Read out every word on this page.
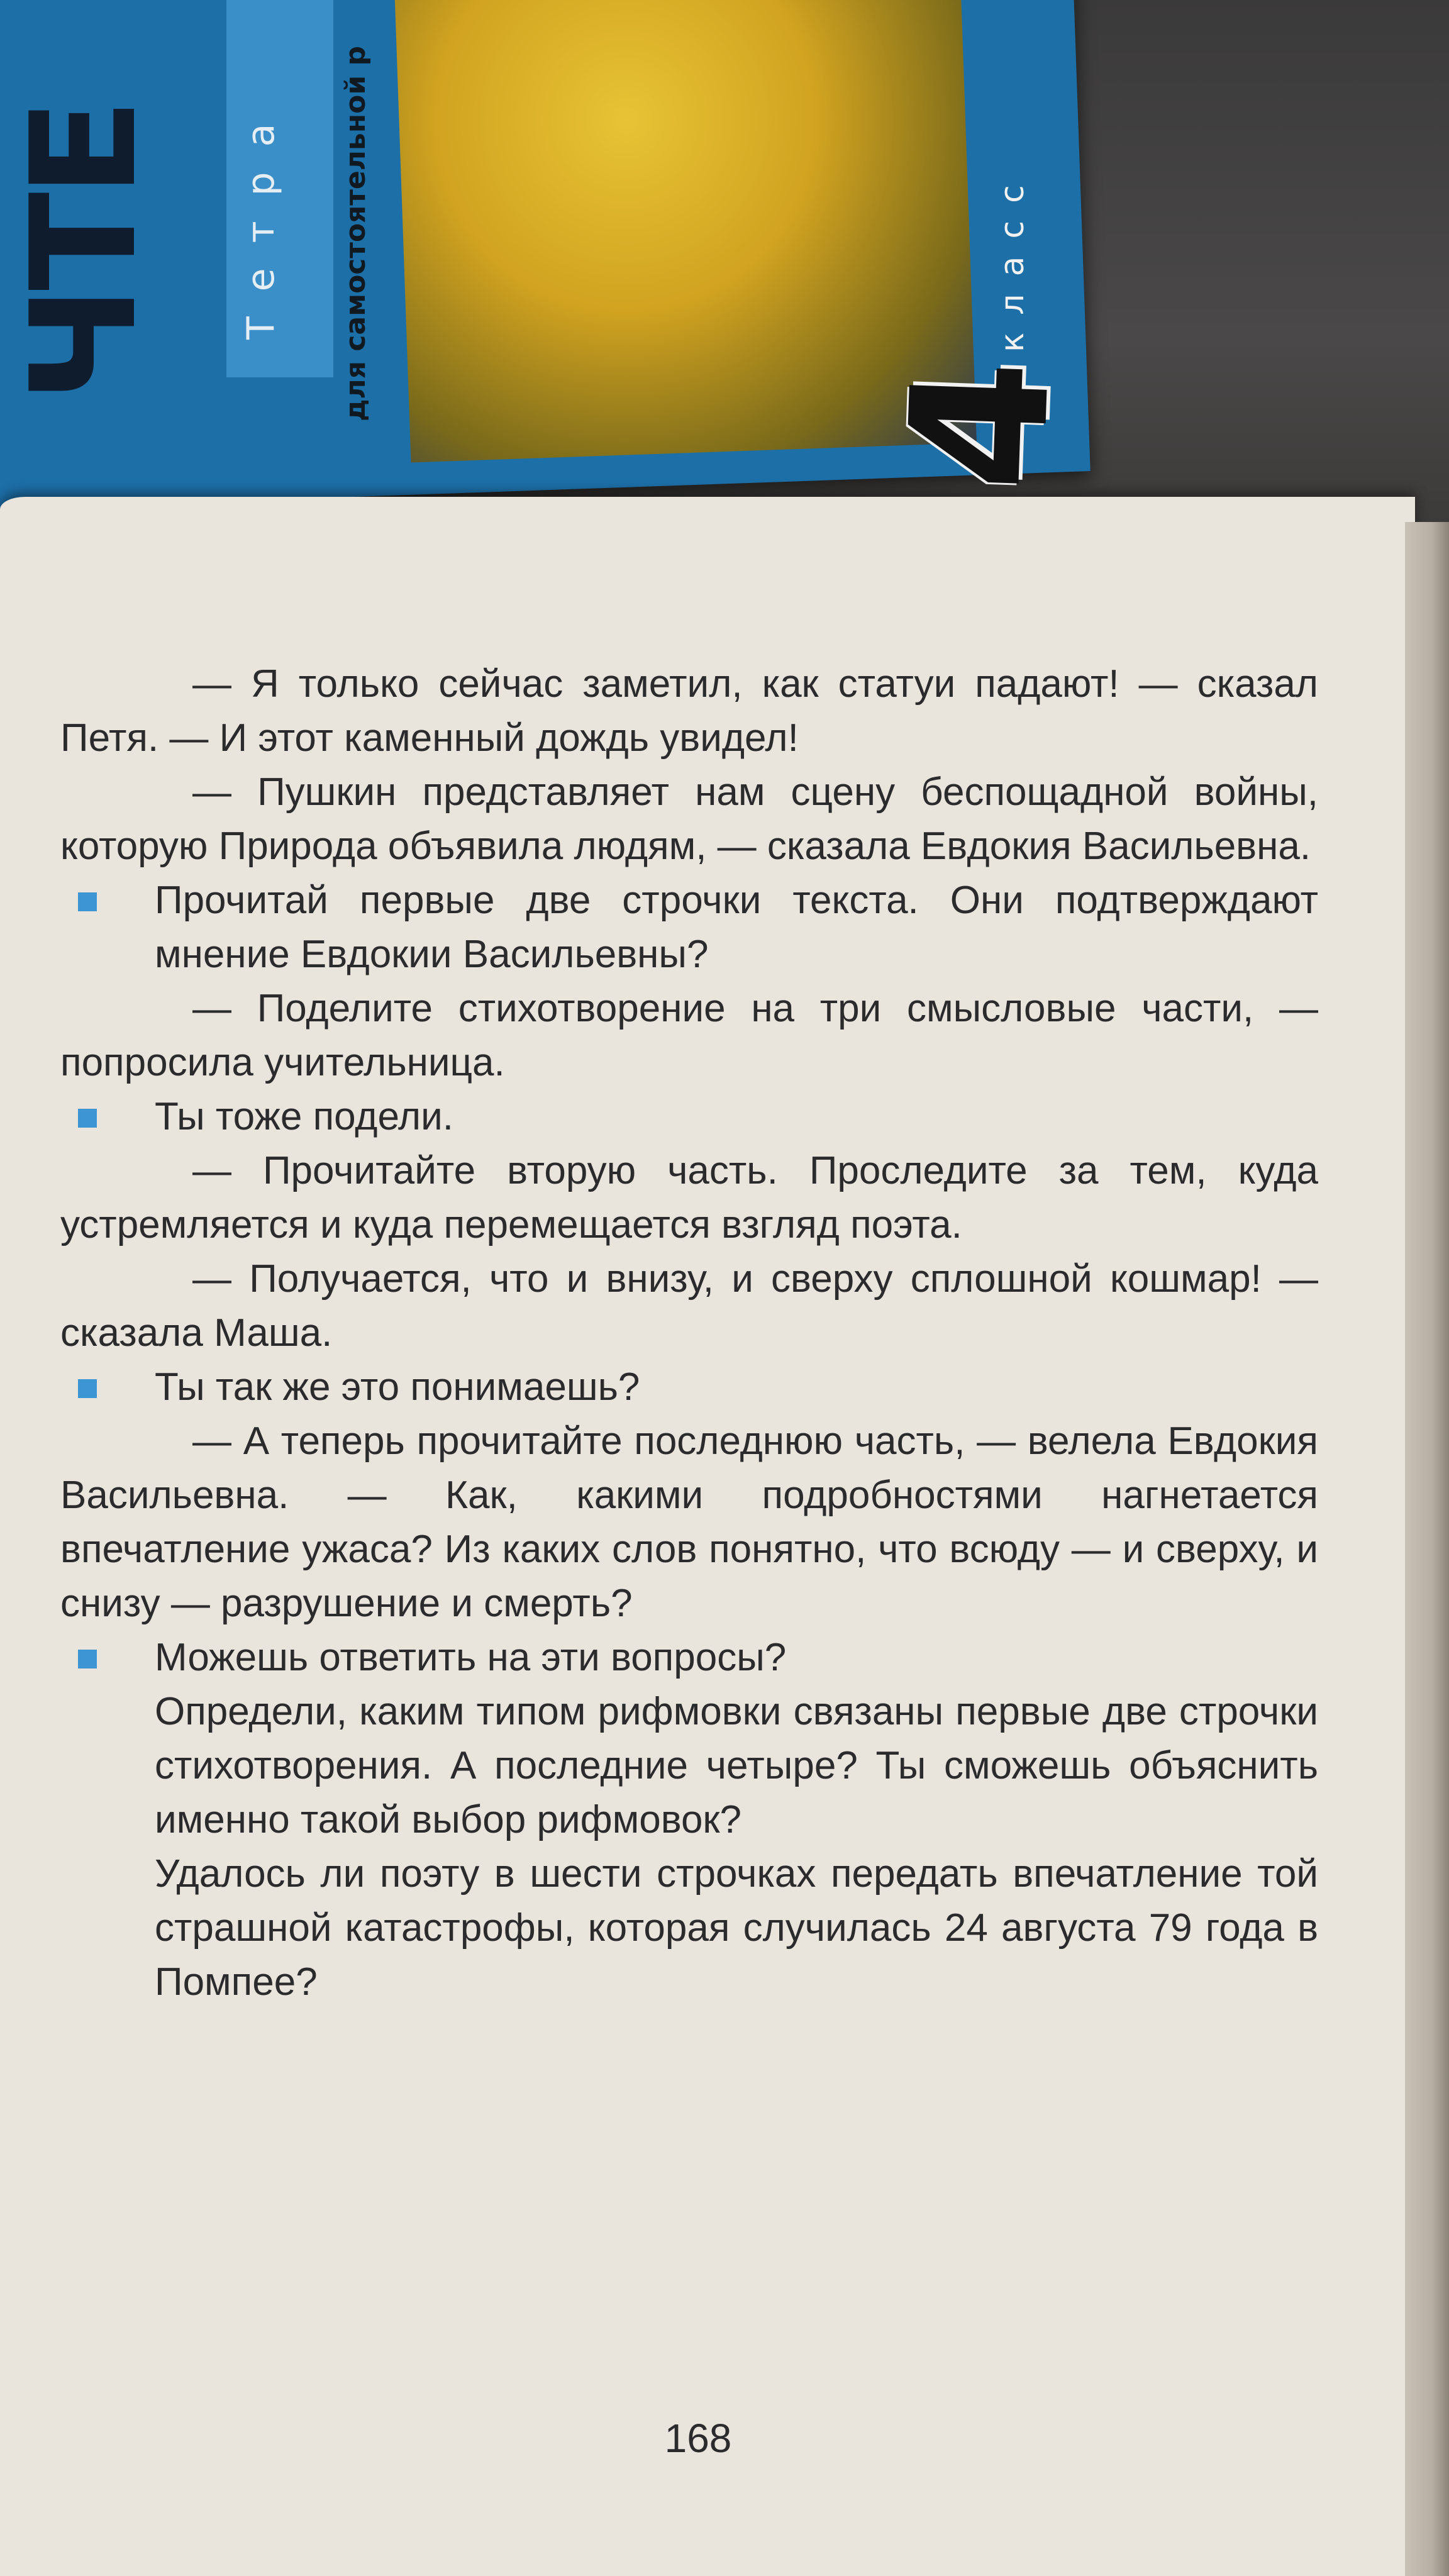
ЧТЕ	Тетра	для самостоятельной р	класс
4

— Я только сейчас заметил, как статуи падают! — сказал Петя. — И этот каменный дождь увидел!

— Пушкин представляет нам сцену беспощадной войны, которую Природа объявила людям, — сказала Евдокия Васильевна.

Прочитай первые две строчки текста. Они подтверждают мнение Евдокии Васильевны?

— Поделите стихотворение на три смысловые части, — попросила учительница.

Ты тоже подели.

— Прочитайте вторую часть. Проследите за тем, куда устремляется и куда перемещается взгляд поэта.

— Получается, что и внизу, и сверху сплошной кошмар! — сказала Маша.

Ты так же это понимаешь?

— А теперь прочитайте последнюю часть, — велела Евдокия Васильевна. — Как, какими подробностями нагнетается впечатление ужаса? Из каких слов понятно, что всюду — и сверху, и снизу — разрушение и смерть?

Можешь ответить на эти вопросы?

Определи, каким типом рифмовки связаны первые две строчки стихотворения. А последние четыре? Ты сможешь объяснить именно такой выбор рифмовок?

Удалось ли поэту в шести строчках передать впечатление той страшной катастрофы, которая случилась 24 августа 79 года в Помпее?

168
